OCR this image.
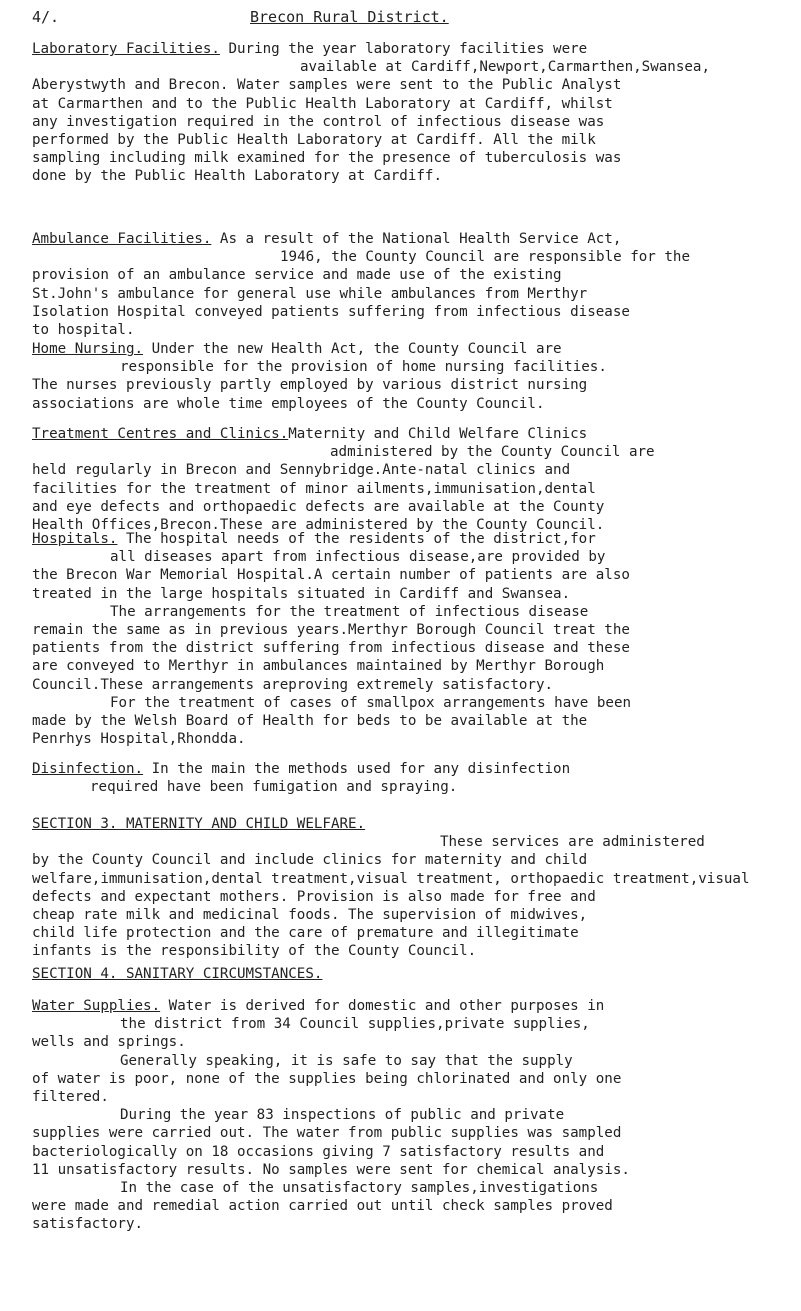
4/.	Brecon Rural District.
Laboratory Facilities. During the year laboratory facilities were
available at Cardiff,Newport,Carmarthen,Swansea,
Aberystwyth and Brecon. Water samples were sent to the Public Analyst
at Carmarthen and to the Public Health Laboratory at Cardiff, whilst
any investigation required in the control of infectious disease was
performed by the Public Health Laboratory at Cardiff. All the milk
sampling including milk examined for the presence of tuberculosis was
done by the Public Health Laboratory at Cardiff.
Ambulance Facilities. As a result of the National Health Service Act,
1946, the County Council are responsible for the
provision of an ambulance service and made use of the existing
St.John's ambulance for general use while ambulances from Merthyr
Isolation Hospital conveyed patients suffering from infectious disease
to hospital.
Home Nursing. Under the new Health Act, the County Council are
responsible for the provision of home nursing facilities.
The nurses previously partly employed by various district nursing
associations are whole time employees of the County Council.
Treatment Centres and Clinics.Maternity and Child Welfare Clinics
administered by the County Council are
held regularly in Brecon and Sennybridge.Ante-natal clinics and
facilities for the treatment of minor ailments,immunisation,dental
and eye defects and orthopaedic defects are available at the County
Health Offices,Brecon.These are administered by the County Council.
Hospitals. The hospital needs of the residents of the district,for
all diseases apart from infectious disease,are provided by
the Brecon War Memorial Hospital.A certain number of patients are also
treated in the large hospitals situated in Cardiff and Swansea.
The arrangements for the treatment of infectious disease
remain the same as in previous years.Merthyr Borough Council treat the
patients from the district suffering from infectious disease and these
are conveyed to Merthyr in ambulances maintained by Merthyr Borough
Council.These arrangements areproving extremely satisfactory.
For the treatment of cases of smallpox arrangements have been
made by the Welsh Board of Health for beds to be available at the
Penrhys Hospital,Rhondda.
Disinfection. In the main the methods used for any disinfection
required have been fumigation and spraying.
SECTION 3. MATERNITY AND CHILD WELFARE.
These services are administered
by the County Council and include clinics for maternity and child
welfare,immunisation,dental treatment,visual treatment, orthopaedic treatment,visual
defects and expectant mothers. Provision is also made for free and
cheap rate milk and medicinal foods. The supervision of midwives,
child life protection and the care of premature and illegitimate
infants is the responsibility of the County Council.
SECTION 4. SANITARY CIRCUMSTANCES.
Water Supplies. Water is derived for domestic and other purposes in
the district from 34 Council supplies,private supplies,
wells and springs.
Generally speaking, it is safe to say that the supply
of water is poor, none of the supplies being chlorinated and only one
filtered.
During the year 83 inspections of public and private
supplies were carried out. The water from public supplies was sampled
bacteriologically on 18 occasions giving 7 satisfactory results and
11 unsatisfactory results. No samples were sent for chemical analysis.
In the case of the unsatisfactory samples,investigations
were made and remedial action carried out until check samples proved
satisfactory.
